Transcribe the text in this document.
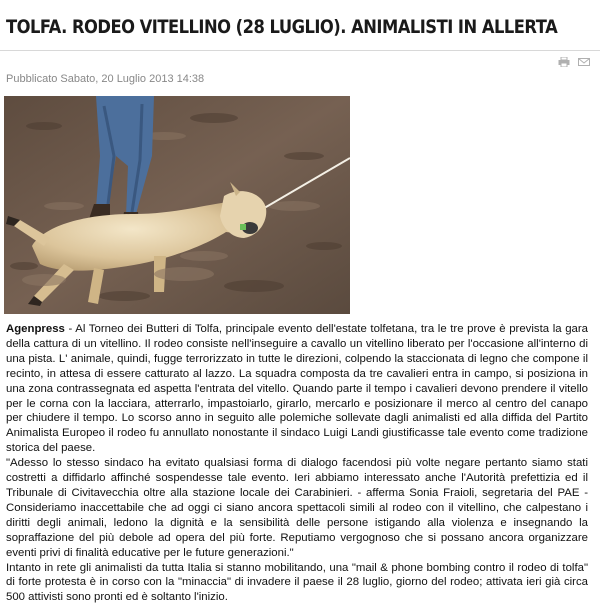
TOLFA. RODEO VITELLINO (28 LUGLIO). ANIMALISTI IN ALLERTA
Pubblicato Sabato, 20 Luglio 2013 14:38

Agenpress - Al Torneo dei Butteri di Tolfa, principale evento dell'estate tolfetana, tra le tre prove è prevista la gara della cattura di un vitellino. Il rodeo consiste nell'inseguire a cavallo un vitellino liberato per l'occasione all'interno di una pista. L' animale, quindi, fugge terrorizzato in tutte le direzioni, colpendo la staccionata di legno che compone il recinto, in attesa di essere catturato al lazzo. La squadra composta da tre cavalieri entra in campo, si posiziona in una zona contrassegnata ed aspetta l'entrata del vitello. Quando parte il tempo i cavalieri devono prendere il vitello per le corna con la lacciara, atterrarlo, impastoiarlo, girarlo, mercarlo e posizionare il merco al centro del canapo per chiudere il tempo. Lo scorso anno in seguito alle polemiche sollevate dagli animalisti ed alla diffida del Partito Animalista Europeo il rodeo fu annullato nonostante il sindaco Luigi Landi giustificasse tale evento come tradizione storica del paese.

"Adesso lo stesso sindaco ha evitato qualsiasi forma di dialogo facendosi più volte negare pertanto siamo stati costretti a diffidarlo affinché sospendesse tale evento. Ieri abbiamo interessato anche l'Autorità prefettizia ed il Tribunale di Civitavecchia oltre alla stazione locale dei Carabinieri. - afferma Sonia Fraioli, segretaria del PAE - Consideriamo inaccettabile che ad oggi ci siano ancora spettacoli simili al rodeo con il vitellino, che calpestano i diritti degli animali, ledono la dignità e la sensibilità delle persone istigando alla violenza e insegnando la sopraffazione del più debole ad opera del più forte. Reputiamo vergognoso che si possano ancora organizzare eventi privi di finalità educative per le future generazioni."

Intanto in rete gli animalisti da tutta Italia si stanno mobilitando, una "mail & phone bombing contro il rodeo di tolfa" di forte protesta è in corso con la "minaccia" di invadere il paese il 28 luglio, giorno del rodeo; attivata ieri già circa 500 attivisti sono pronti ed è soltanto l'inizio.
